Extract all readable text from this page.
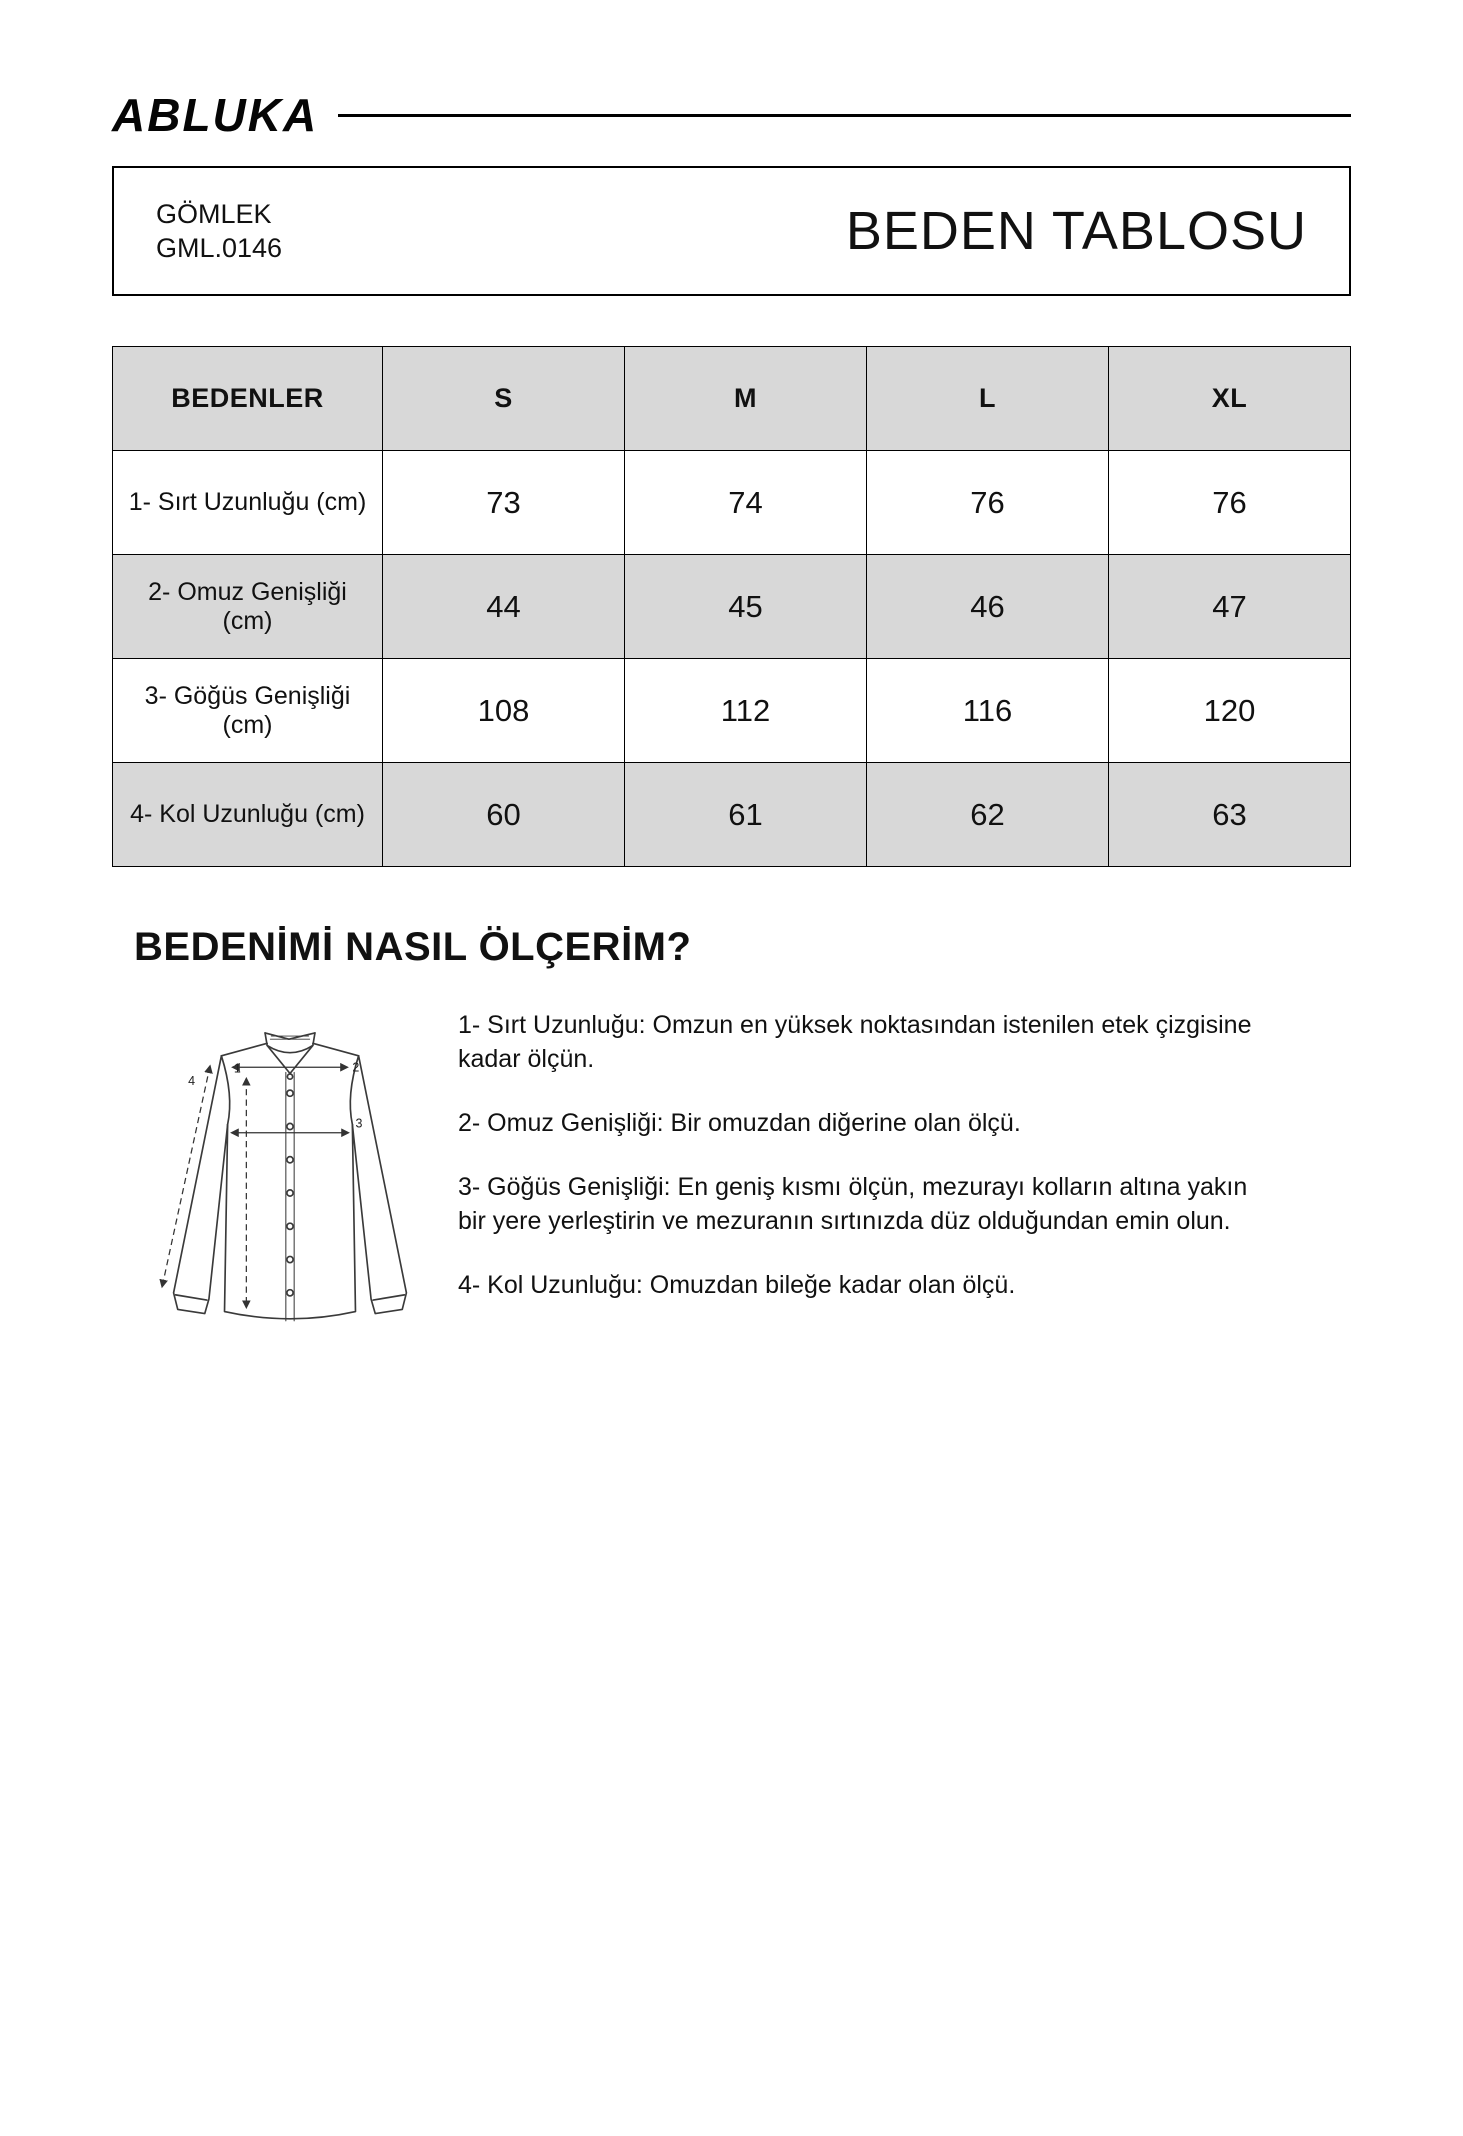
ABLUKA
GÖMLEK
GML.0146	BEDEN TABLOSU
BEDENLER	S	M	L	XL
1- Sırt Uzunluğu (cm)	73	74	76	76
2- Omuz Genişliği (cm)	44	45	46	47
3- Göğüs Genişliği (cm)	108	112	116	120
4- Kol Uzunluğu (cm)	60	61	62	63
BEDENİMİ NASIL ÖLÇERİM?
1	2
3
4

1- Sırt Uzunluğu: Omzun en yüksek noktasından istenilen etek çizgisine kadar ölçün.

2- Omuz Genişliği: Bir omuzdan diğerine olan ölçü.

3- Göğüs Genişliği: En geniş kısmı ölçün, mezurayı kolların altına yakın bir yere yerleştirin ve mezuranın sırtınızda düz olduğundan emin olun.

4- Kol Uzunluğu: Omuzdan bileğe kadar olan ölçü.
